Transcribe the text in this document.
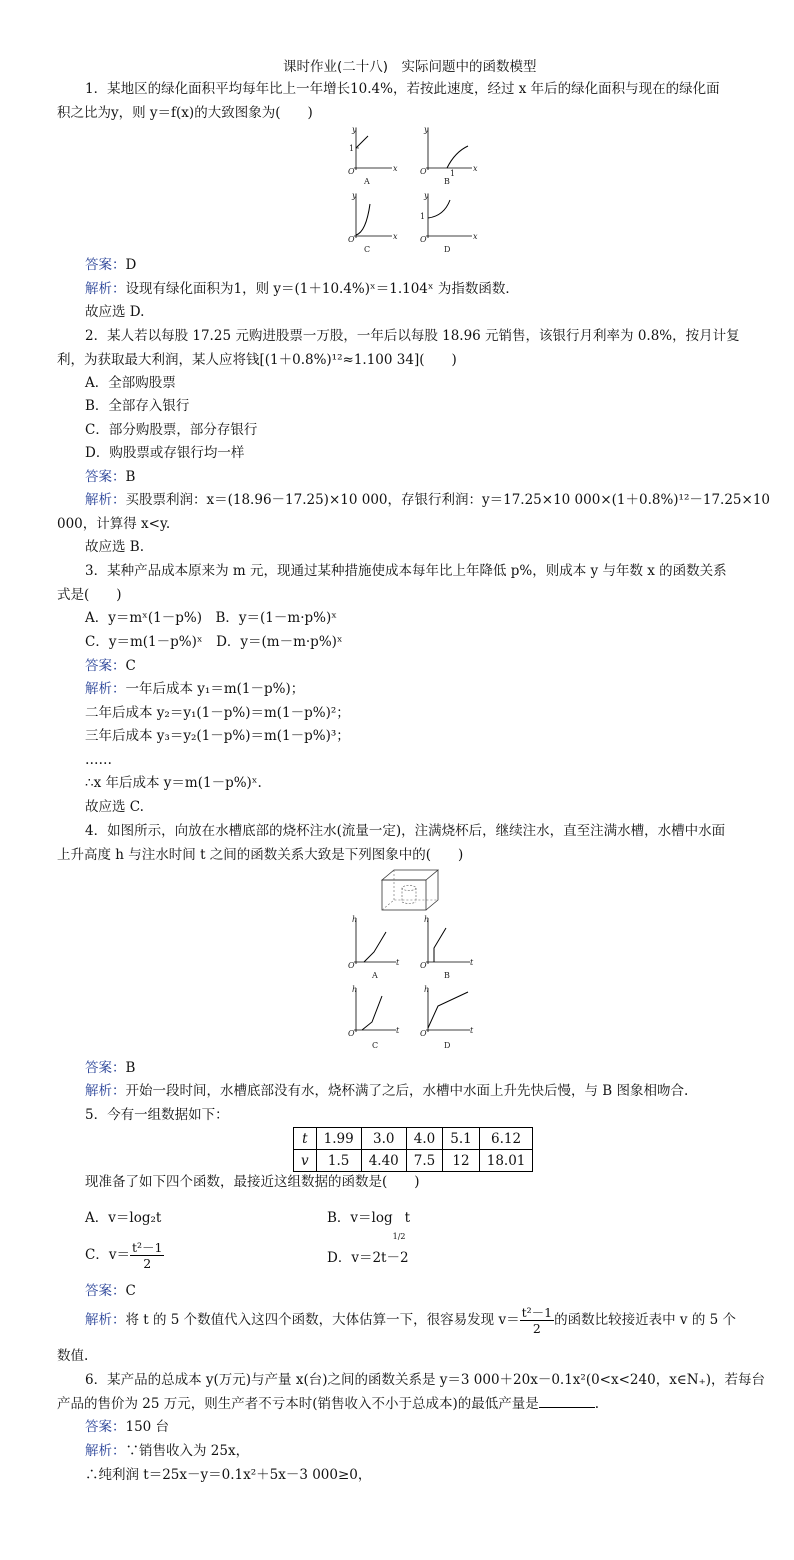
课时作业(二十八)　实际问题中的函数模型
1．某地区的绿化面积平均每年比上一年增长10.4%，若按此速度，经过 x 年后的绿化面积与现在的绿化面
积之比为y，则 y＝f(x)的大致图象为(　　)
y
x
O
1
A
y
x
O	1
B
y
x
O
C
y
x
O
1
D
答案：D
解析：设现有绿化面积为1，则 y＝(1＋10.4%)ˣ＝1.104ˣ 为指数函数．
故应选 D.
2．某人若以每股 17.25 元购进股票一万股，一年后以每股 18.96 元销售，该银行月利率为 0.8%，按月计复
利，为获取最大利润，某人应将钱[(1＋0.8%)¹²≈1.100 34](　　)
A．全部购股票
B．全部存入银行
C．部分购股票，部分存银行
D．购股票或存银行均一样
答案：B
解析：买股票利润：x＝(18.96－17.25)×10 000，存银行利润：y＝17.25×10 000×(1＋0.8%)¹²－17.25×10
000，计算得 x<y.
故应选 B.
3．某种产品成本原来为 m 元，现通过某种措施使成本每年比上年降低 p%，则成本 y 与年数 x 的函数关系
式是(　　)
A．y＝mˣ(1－p%)　B．y＝(1－m·p%)ˣ
C．y＝m(1－p%)ˣ　D．y＝(m－m·p%)ˣ
答案：C
解析：一年后成本 y₁＝m(1－p%)；
二年后成本 y₂＝y₁(1－p%)＝m(1－p%)²；
三年后成本 y₃＝y₂(1－p%)＝m(1－p%)³；
……
∴x 年后成本 y＝m(1－p%)ˣ.
故应选 C.
4．如图所示，向放在水槽底部的烧杯注水(流量一定)，注满烧杯后，继续注水，直至注满水槽，水槽中水面
上升高度 h 与注水时间 t 之间的函数关系大致是下列图象中的(　　)
h
t
O
A
h
t
O
B
h
t
O
C
h
t
O
D
答案：B
解析：开始一段时间，水槽底部没有水，烧杯满了之后，水槽中水面上升先快后慢，与 B 图象相吻合.
5．今有一组数据如下：
t	1.99	3.0	4.0	5.1	6.12
v	1.5	4.40	7.5	12	18.01
现准备了如下四个函数，最接近这组数据的函数是(　　)
A．v＝log₂t	B．v＝log
1/2
t
C．$v= \frac{\text{t²－1}}{2}$	D．v＝2t－2
答案：C
解析：将 t 的 5 个数值代入这四个函数，大体估算一下，很容易发现 $v= \frac{\text{t²－1}}{2}$ 的函数比较接近表中 v 的 5 个
数值.
6．某产品的总成本 y(万元)与产量 x(台)之间的函数关系是 y＝3 000＋20x－0.1x²(0<x<240，x∈N₊)，若每台
产品的售价为 25 万元，则生产者不亏本时(销售收入不小于总成本)的最低产量是	.
答案：150 台
解析：∵销售收入为 25x，
∴纯利润 t＝25x－y＝0.1x²＋5x－3 000≥0，
